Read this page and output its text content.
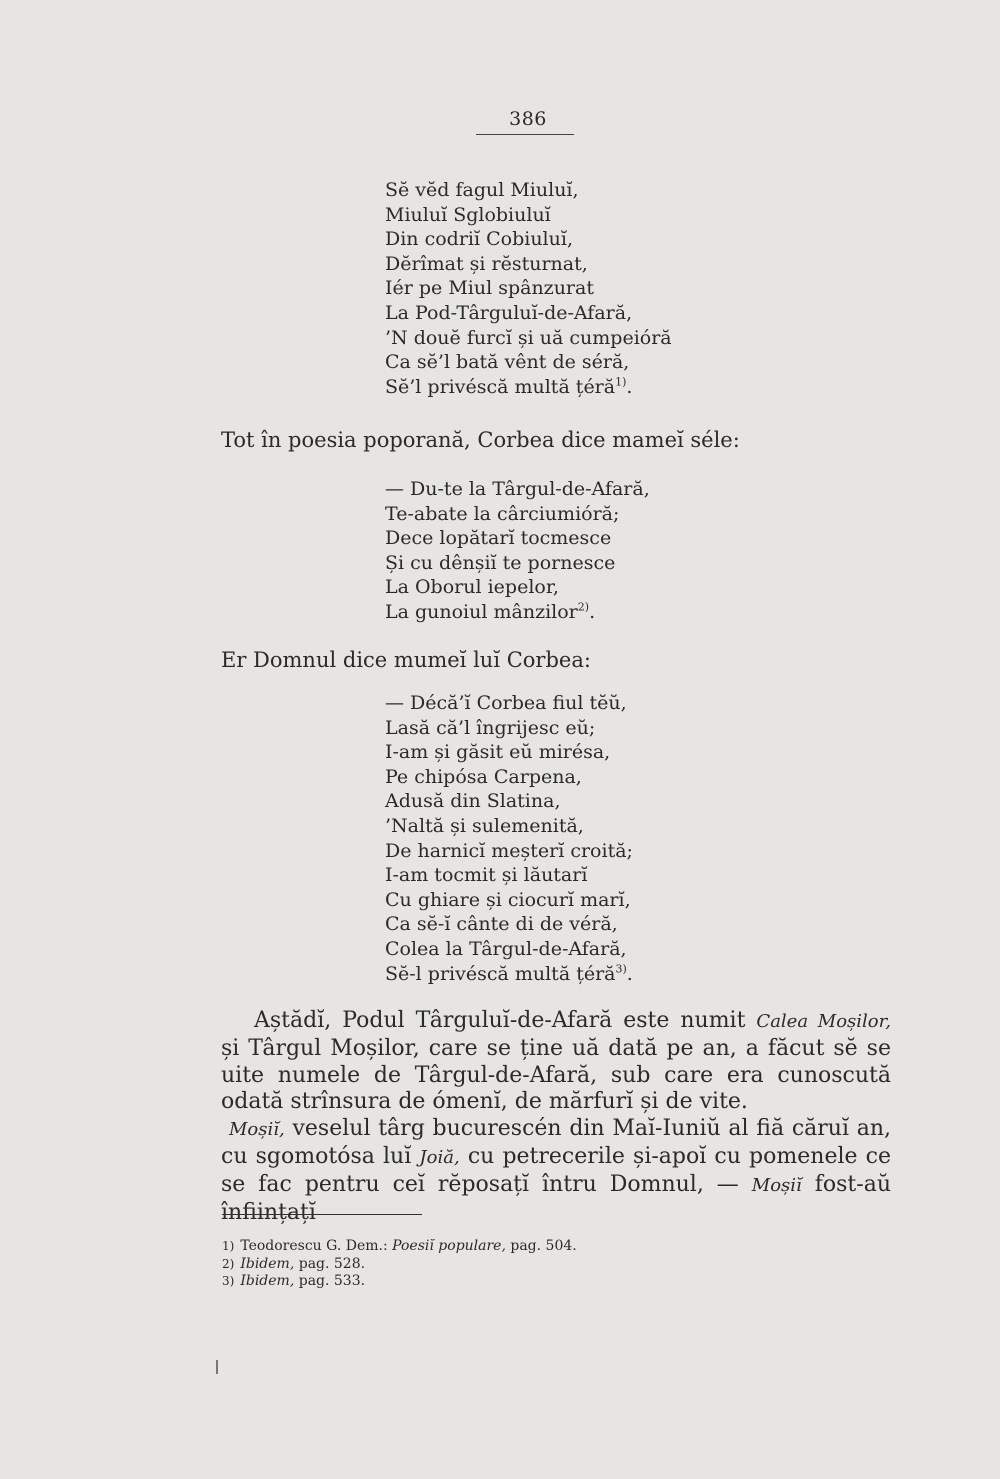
386
Sĕ vĕd fagul Miuluĭ,
Miuluĭ Sglobiuluĭ
Din codriĭ Cobiuluĭ,
Dĕrîmat și rĕsturnat,
Iér pe Miul spânzurat
La Pod-Târguluĭ-de-Afară,
’N douĕ furcĭ și uă cumpeióră
Ca sĕ’l bată vênt de séră,
Sĕ’l privéscă multă țéră$^{1)}$.
Tot în poesia poporană, Corbea dice mameĭ séle:
— Du-te la Târgul-de-Afară,
Te-abate la cârciumióră;
Dece lopătarĭ tocmesce
Și cu dênșiĭ te pornesce
La Oborul iepelor,
La gunoiul mânzilor$^{2)}$.
Er Domnul dice mumeĭ luĭ Corbea:
— Décă’ĭ Corbea fiul tĕŭ,
Lasă că’l îngrijesc eŭ;
I-am și găsit eŭ mirésa,
Pe chipósa Carpena,
Adusă din Slatina,
’Naltă și sulemenită,
De harnicĭ meșterĭ croită;
I-am tocmit și lăutarĭ
Cu ghiare și ciocurĭ marĭ,
Ca sĕ-ĭ cânte di de véră,
Colea la Târgul-de-Afară,
Sĕ-l privéscă multă țéră$^{3)}$.

Aștădĭ, Podul Târguluĭ-de-Afară este numit Calea Moșilor, și Târgul Moșilor, care se ține uă dată pe an, a făcut sĕ se uite numele de Târgul-de-Afară, sub care era cunoscută odată strînsura de ómenĭ, de mărfurĭ și de vite.

Moșiĭ, veselul târg bucurescén din Maĭ-Iuniŭ al fiă căruĭ an, cu sgomotósa luĭ Joiă, cu petrecerile și-apoĭ cu pomenele ce se fac pentru ceĭ rĕposațĭ întru Domnul, — Moșiĭ fost-aŭ înființațĭ

1) Teodorescu G. Dem.: Poesiĭ populare, pag. 504.
2) Ibidem, pag. 528.
3) Ibidem, pag. 533.
